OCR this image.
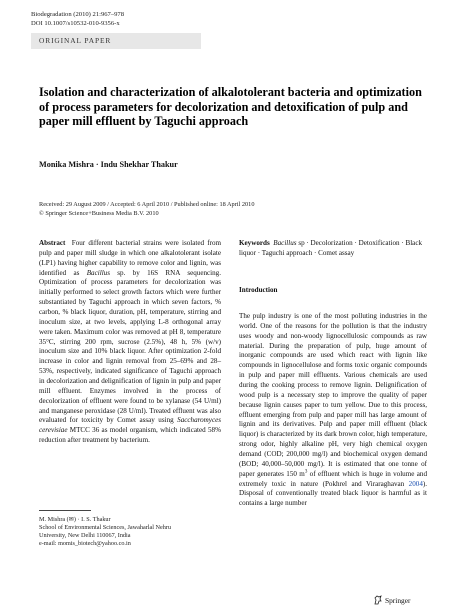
Biodegradation (2010) 21:967–978
DOI 10.1007/s10532-010-9356-x
ORIGINAL PAPER
Isolation and characterization of alkalotolerant bacteria and optimization of process parameters for decolorization and detoxification of pulp and paper mill effluent by Taguchi approach
Monika Mishra · Indu Shekhar Thakur
Received: 29 August 2009 / Accepted: 6 April 2010 / Published online: 18 April 2010
© Springer Science+Business Media B.V. 2010
Abstract Four different bacterial strains were isolated from pulp and paper mill sludge in which one alkalotolerant isolate (LP1) having higher capability to remove color and lignin, was identified as Bacillus sp. by 16S RNA sequencing. Optimization of process parameters for decolorization was initially performed to select growth factors which were further substantiated by Taguchi approach in which seven factors, % carbon, % black liquor, duration, pH, temperature, stirring and inoculum size, at two levels, applying L-8 orthogonal array were taken. Maximum color was removed at pH 8, temperature 35°C, stirring 200 rpm, sucrose (2.5%), 48 h, 5% (w/v) inoculum size and 10% black liquor. After optimization 2-fold increase in color and lignin removal from 25–69% and 28–53%, respectively, indicated significance of Taguchi approach in decolorization and delignification of lignin in pulp and paper mill effluent. Enzymes involved in the process of decolorization of effluent were found to be xylanase (54 U/ml) and manganese peroxidase (28 U/ml). Treated effluent was also evaluated for toxicity by Comet assay using Saccharomyces cerevisiae MTCC 36 as model organism, which indicated 58% reduction after treatment by bacterium.
Keywords Bacillus sp · Decolorization · Detoxification · Black liquor · Taguchi approach · Comet assay
Introduction
The pulp industry is one of the most polluting industries in the world. One of the reasons for the pollution is that the industry uses woody and non-woody lignocellulosic compounds as raw material. During the preparation of pulp, huge amount of inorganic compounds are used which react with lignin like compounds in lignocellulose and forms toxic organic compounds in pulp and paper mill effluents. Various chemicals are used during the cooking process to remove lignin. Delignification of wood pulp is a necessary step to improve the quality of paper because lignin causes paper to turn yellow. Due to this process, effluent emerging from pulp and paper mill has large amount of lignin and its derivatives. Pulp and paper mill effluent (black liquor) is characterized by its dark brown color, high temperature, strong odor, highly alkaline pH, very high chemical oxygen demand (COD; 200,000 mg/l) and biochemical oxygen demand (BOD; 40,000–50,000 mg/l). It is estimated that one tonne of paper generates 150 $m^3$ of effluent which is huge in volume and extremely toxic in nature (Pokhrel and Viraraghavan 2004). Disposal of conventionally treated black liquor is harmful as it contains a large number
M. Mishra (✉) · I. S. Thakur
School of Environmental Sciences, Jawaharlal Nehru
University, New Delhi 110067, India
e-mail: momis_biotech@yahoo.co.in
Springer
